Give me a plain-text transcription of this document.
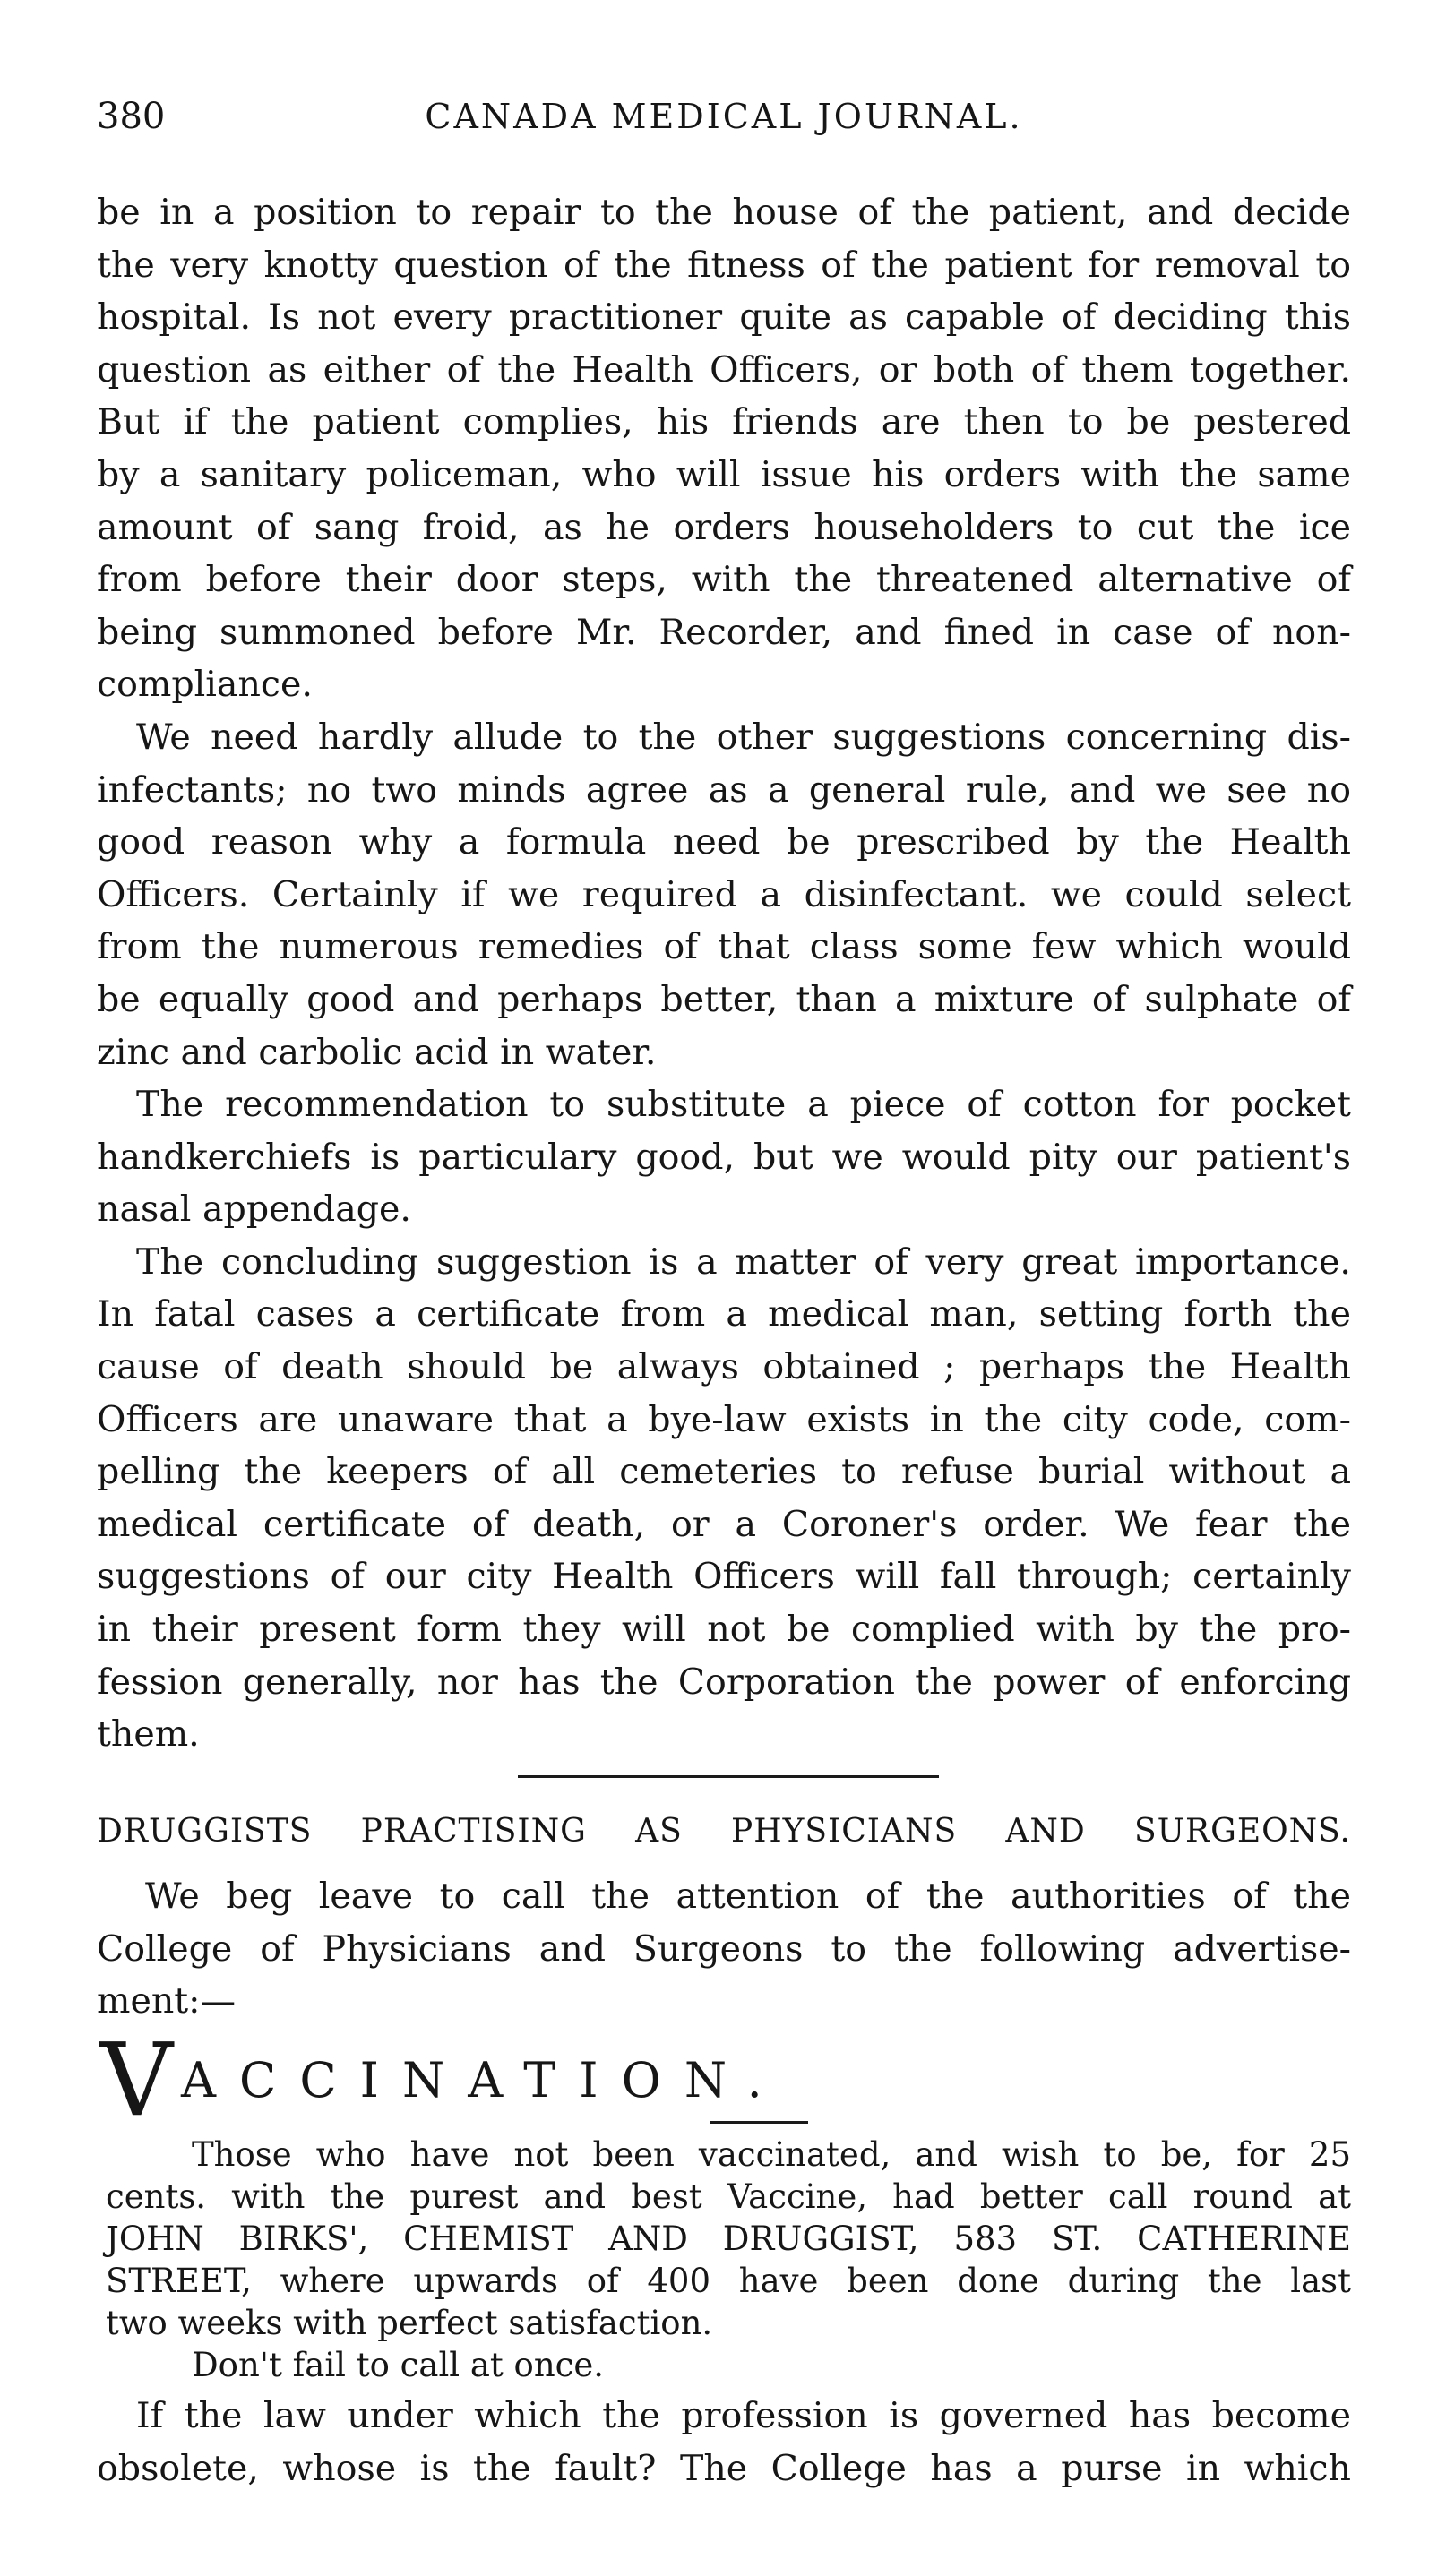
380	CANADA MEDICAL JOURNAL.

be in a position to repair to the house of the patient, and decide
the very knotty question of the fitness of the patient for removal to
hospital. Is not every practitioner quite as capable of deciding this
question as either of the Health Officers, or both of them together.
But if the patient complies, his friends are then to be pestered
by a sanitary policeman, who will issue his orders with the same
amount of sang froid, as he orders householders to cut the ice
from before their door steps, with the threatened alternative of
being summoned before Mr. Recorder, and fined in case of non-
compliance.

We need hardly allude to the other suggestions concerning dis-
infectants; no two minds agree as a general rule, and we see no
good reason why a formula need be prescribed by the Health
Officers. Certainly if we required a disinfectant. we could select
from the numerous remedies of that class some few which would
be equally good and perhaps better, than a mixture of sulphate of
zinc and carbolic acid in water.

The recommendation to substitute a piece of cotton for pocket
handkerchiefs is particulary good, but we would pity our patient's
nasal appendage.

The concluding suggestion is a matter of very great importance.
In fatal cases a certificate from a medical man, setting forth the
cause of death should be always obtained ; perhaps the Health
Officers are unaware that a bye-law exists in the city code, com-
pelling the keepers of all cemeteries to refuse burial without a
medical certificate of death, or a Coroner's order. We fear the
suggestions of our city Health Officers will fall through; certainly
in their present form they will not be complied with by the pro-
fession generally, nor has the Corporation the power of enforcing
them.

DRUGGISTS PRACTISING AS PHYSICIANS AND SURGEONS.

We beg leave to call the attention of the authorities of the
College of Physicians and Surgeons to the following advertise-
ment:—

V ACCINATION.

Those who have not been vaccinated, and wish to be, for 25
cents. with the purest and best Vaccine, had better call round at
JOHN BIRKS', CHEMIST AND DRUGGIST, 583 ST. CATHERINE
STREET, where upwards of 400 have been done during the last
two weeks with perfect satisfaction.
Don't fail to call at once.

If the law under which the profession is governed has become
obsolete, whose is the fault? The College has a purse in which
